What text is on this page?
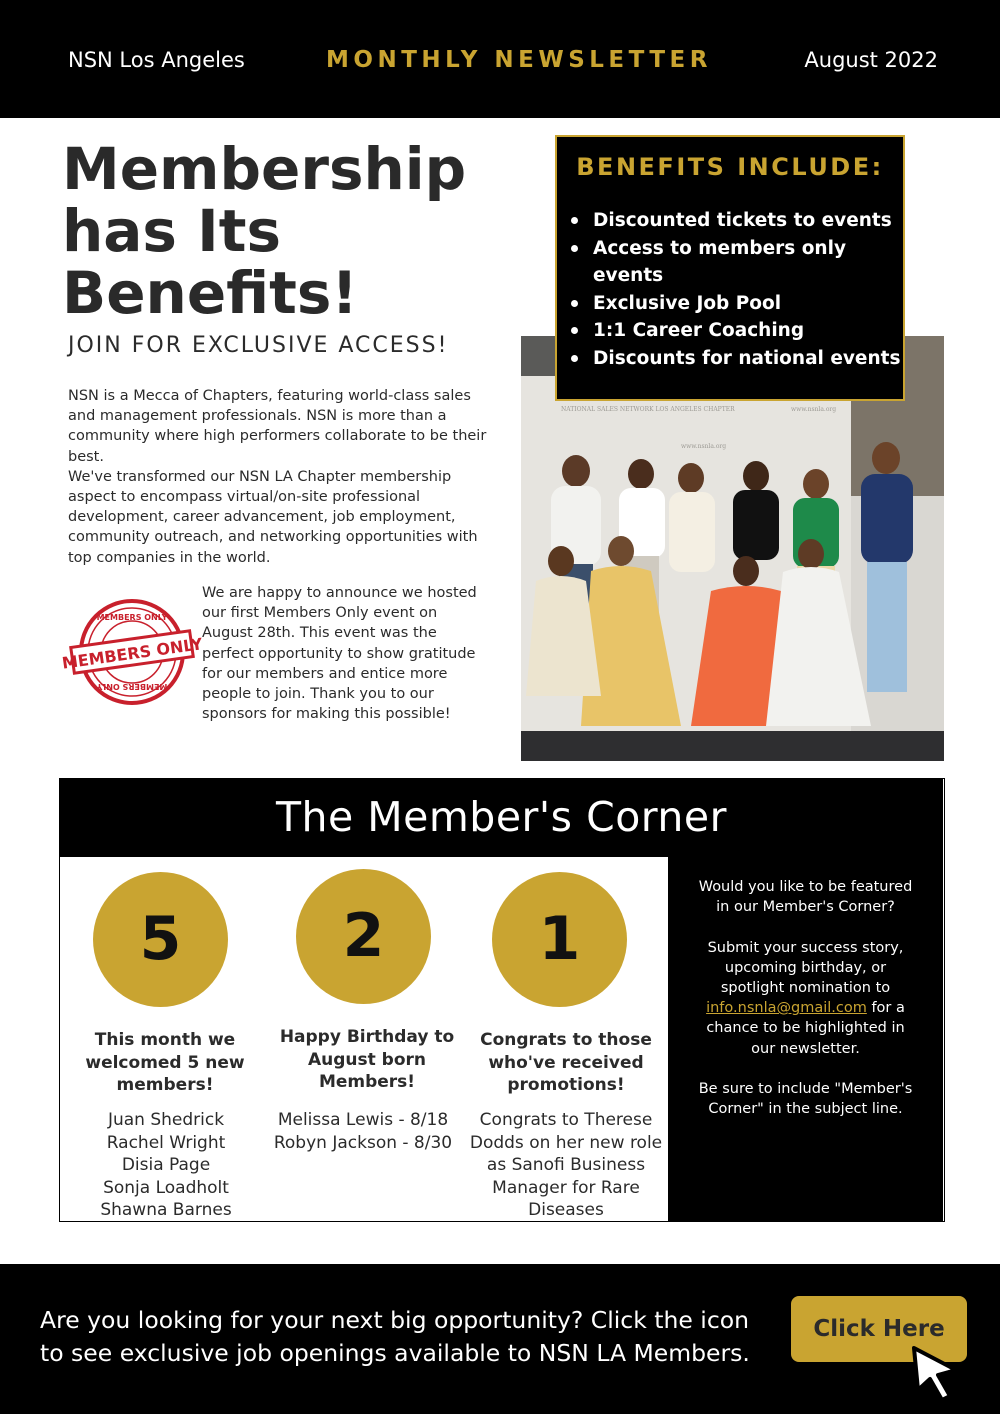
NSN Los Angeles	MONTHLY NEWSLETTER	August 2022
Membership
has Its
Benefits!
JOIN FOR EXCLUSIVE ACCESS!

NSN is a Mecca of Chapters, featuring world-class sales and management professionals. NSN is more than a community where high performers collaborate to be their best.

We've transformed our NSN LA Chapter membership aspect to encompass virtual/on-site professional development, career advancement, job employment, community outreach, and networking opportunities with top companies in the world.

MEMBERS ONLY
MEMBERS ONLY
MEMBERS ONLY
We are happy to announce we hosted our first Members Only event on August 28th. This event was the perfect opportunity to show gratitude for our members and entice more people to join. Thank you to our sponsors for making this possible!
NATIONAL SALES NETWORK LOS ANGELES CHAPTER
www.nsnla.org
www.nsnla.org
BENEFITS INCLUDE:
Discounted tickets to events
Access to members only events
Exclusive Job Pool
1:1 Career Coaching
Discounts for national events
The Member's Corner
5
This month we welcomed 5 new members!
Juan Shedrick
Rachel Wright
Disia Page
Sonja Loadholt
Shawna Barnes
2
Happy Birthday to August born Members!
Melissa Lewis - 8/18
Robyn Jackson - 8/30
1
Congrats to those who've received promotions!
Congrats to Therese Dodds on her new role as Sanofi Business Manager for Rare Diseases
Would you like to be featured in our Member's Corner?

Submit your success story, upcoming birthday, or spotlight nomination to info.nsnla@gmail.com for a chance to be highlighted in our newsletter.

Be sure to include "Member's Corner" in the subject line.
Are you looking for your next big opportunity? Click the icon to see exclusive job openings available to NSN LA Members.
Click Here
